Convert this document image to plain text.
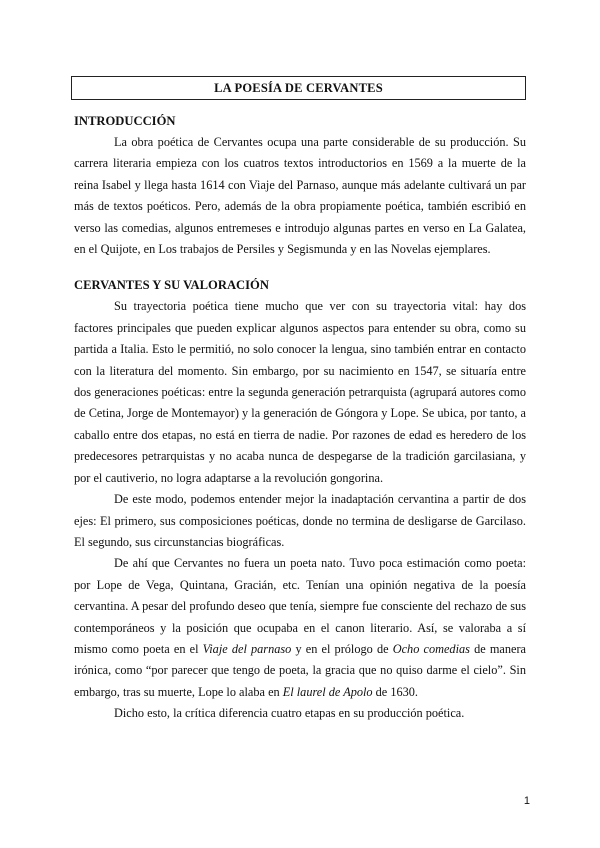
LA POESÍA DE CERVANTES
INTRODUCCIÓN

La obra poética de Cervantes ocupa una parte considerable de su producción. Su carrera literaria empieza con los cuatros textos introductorios en 1569 a la muerte de la reina Isabel y llega hasta 1614 con Viaje del Parnaso, aunque más adelante cultivará un par más de textos poéticos. Pero, además de la obra propiamente poética, también escribió en verso las comedias, algunos entremeses e introdujo algunas partes en verso en La Galatea, en el Quijote, en Los trabajos de Persiles y Segismunda y en las Novelas ejemplares.

CERVANTES Y SU VALORACIÓN

Su trayectoria poética tiene mucho que ver con su trayectoria vital: hay dos factores principales que pueden explicar algunos aspectos para entender su obra, como su partida a Italia. Esto le permitió, no solo conocer la lengua, sino también entrar en contacto con la literatura del momento. Sin embargo, por su nacimiento en 1547, se situaría entre dos generaciones poéticas: entre la segunda generación petrarquista (agrupará autores como de Cetina, Jorge de Montemayor) y la generación de Góngora y Lope. Se ubica, por tanto, a caballo entre dos etapas, no está en tierra de nadie. Por razones de edad es heredero de los predecesores petrarquistas y no acaba nunca de despegarse de la tradición garcilasiana, y por el cautiverio, no logra adaptarse a la revolución gongorina.

De este modo, podemos entender mejor la inadaptación cervantina a partir de dos ejes: El primero, sus composiciones poéticas, donde no termina de desligarse de Garcilaso. El segundo, sus circunstancias biográficas.

De ahí que Cervantes no fuera un poeta nato. Tuvo poca estimación como poeta: por Lope de Vega, Quintana, Gracián, etc. Tenían una opinión negativa de la poesía cervantina. A pesar del profundo deseo que tenía, siempre fue consciente del rechazo de sus contemporáneos y la posición que ocupaba en el canon literario. Así, se valoraba a sí mismo como poeta en el Viaje del parnaso y en el prólogo de Ocho comedias de manera irónica, como “por parecer que tengo de poeta, la gracia que no quiso darme el cielo”. Sin embargo, tras su muerte, Lope lo alaba en El laurel de Apolo de 1630.

Dicho esto, la crítica diferencia cuatro etapas en su producción poética.

1
